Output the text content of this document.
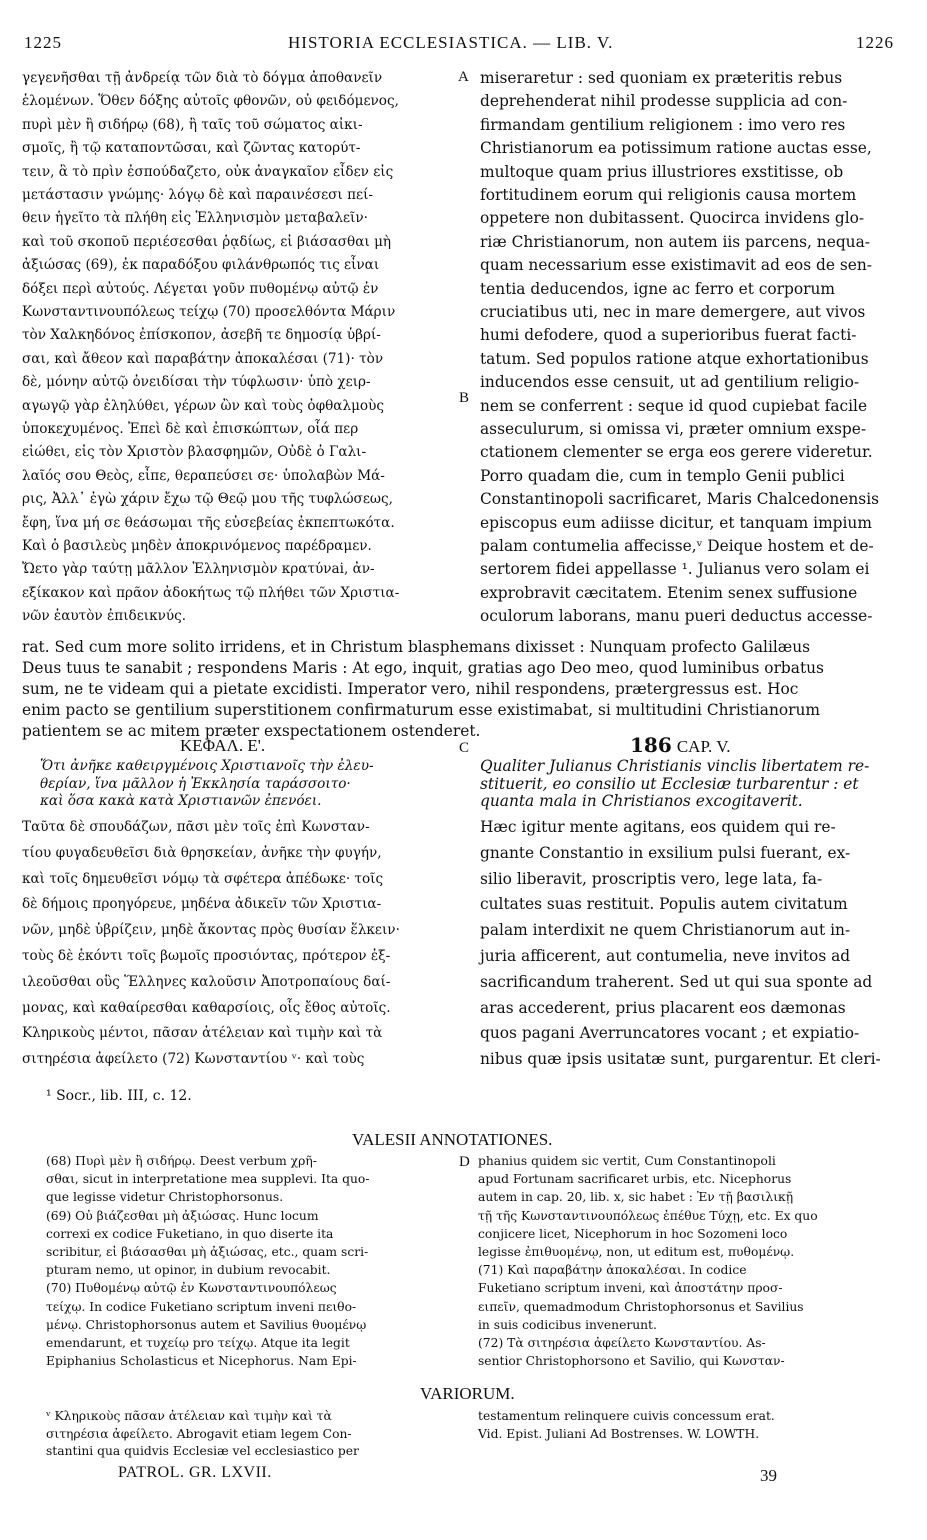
1225	HISTORIA ECCLESIASTICA. — LIB. V.	1226
γεγενῆσθαι τῇ ἀνδρείᾳ τῶν διὰ τὸ δόγμα ἀποθανεῖν
ἑλομένων. Ὅθεν δόξης αὐτοῖς φθονῶν, οὐ φειδόμενος,
πυρὶ μὲν ἢ σιδήρῳ (68), ἢ ταῖς τοῦ σώματος αἰκι-
σμοῖς, ἢ τῷ καταποντῶσαι, καὶ ζῶντας κατορύτ-
τειν, ἃ τὸ πρὶν ἐσπούδαζετο, οὐκ ἀναγκαῖον εἶδεν εἰς
μετάστασιν γνώμης· λόγῳ δὲ καὶ παραινέσεσι πεί-
θειν ἡγεῖτο τὰ πλήθη εἰς Ἑλληνισμὸν μεταβαλεῖν·
καὶ τοῦ σκοποῦ περιέσεσθαι ῥᾳδίως, εἰ βιάσασθαι μὴ
ἀξιώσας (69), ἐκ παραδόξου φιλάνθρωπός τις εἶναι
δόξει περὶ αὐτούς. Λέγεται γοῦν πυθομένῳ αὐτῷ ἐν
Κωνσταντινουπόλεως τείχῳ (70) προσελθόντα Μάριν
τὸν Χαλκηδόνος ἐπίσκοπον, ἀσεβῆ τε δημοσίᾳ ὑβρί-
σαι, καὶ ἄθεον καὶ παραβάτην ἀποκαλέσαι (71)· τὸν
δὲ, μόνην αὐτῷ ὀνειδίσαι τὴν τύφλωσιν· ὑπὸ χειρ-
αγωγῷ γὰρ ἐληλύθει, γέρων ὢν καὶ τοὺς ὀφθαλμοὺς
ὑποκεχυμένος. Ἐπεὶ δὲ καὶ ἐπισκώπτων, οἷά περ
εἰώθει, εἰς τὸν Χριστὸν βλασφημῶν, Οὐδὲ ὁ Γαλι-
λαῖός σου Θεὸς, εἶπε, θεραπεύσει σε· ὑπολαβὼν Μά-
ρις, Ἀλλ᾽ ἐγὼ χάριν ἔχω τῷ Θεῷ μου τῆς τυφλώσεως,
ἔφη, ἵνα μή σε θεάσωμαι τῆς εὐσεβείας ἐκπεπτωκότα.
Καὶ ὁ βασιλεὺς μηδὲν ἀποκρινόμενος παρέδραμεν.
Ὤετο γὰρ ταύτῃ μᾶλλον Ἑλληνισμὸν κρατύνai, ἀν-
εξίκακον καὶ πρᾶον ἀδοκήτως τῷ πλήθει τῶν Χριστια-
νῶν ἑαυτὸν ἐπιδεικνύς.
miseraretur : sed quoniam ex præteritis rebus
deprehenderat nihil prodesse supplicia ad con-
firmandam gentilium religionem : imo vero res
Christianorum ea potissimum ratione auctas esse,
multoque quam prius illustriores exstitisse, ob
fortitudinem eorum qui religionis causa mortem
oppetere non dubitassent. Quocirca invidens glo-
riæ Christianorum, non autem iis parcens, nequa-
quam necessarium esse existimavit ad eos de sen-
tentia deducendos, igne ac ferro et corporum
cruciatibus uti, nec in mare demergere, aut vivos
humi defodere, quod a superioribus fuerat facti-
tatum. Sed populos ratione atque exhortationibus
inducendos esse censuit, ut ad gentilium religio-
nem se conferrent : seque id quod cupiebat facile
asseculurum, si omissa vi, præter omnium exspe-
ctationem clementer se erga eos gerere videretur.
Porro quadam die, cum in templo Genii publici
Constantinopoli sacrificaret, Maris Chalcedonensis
episcopus eum adiisse dicitur, et tanquam impium
palam contumelia affecisse,ᵛ Deique hostem et de-
sertorem fidei appellasse ¹. Julianus vero solam ei
exprobravit cæcitatem. Etenim senex suffusione
oculorum laborans, manu pueri deductus accesse-
A
B
rat. Sed cum more solito irridens, et in Christum blasphemans dixisset : Nunquam profecto Galilæus
Deus tuus te sanabit ; respondens Maris : At ego, inquit, gratias ago Deo meo, quod luminibus orbatus
sum, ne te videam qui a pietate excidisti. Imperator vero, nihil respondens, prætergressus est. Hoc
enim pacto se gentilium superstitionem confirmaturum esse existimabat, si multitudini Christianorum
patientem se ac mitem præter exspectationem ostenderet.
ΚΕΦΑΛ. Ε'.	C	186 CAP. V.
Ὅτι ἀνῆκε καθειργμένοις Χριστιανοῖς τὴν ἐλευ-
θερίαν, ἵνα μᾶλλον ἡ Ἐκκλησία ταράσσοιτο·
καὶ ὅσα κακὰ κατὰ Χριστιανῶν ἐπενόει.
Qualiter Julianus Christianis vinclis libertatem re-
stituerit, eo consilio ut Ecclesiæ turbarentur : et
quanta mala in Christianos excogitaverit.
Ταῦτα δὲ σπουδάζων, πᾶσι μὲν τοῖς ἐπὶ Κωνσταν-
τίου φυγαδευθεῖσι διὰ θρησκείαν, ἀνῆκε τὴν φυγήν,
καὶ τοῖς δημευθεῖσι νόμῳ τὰ σφέτερα ἀπέδωκε· τοῖς
δὲ δήμοις προηγόρευε, μηδένα ἀδικεῖν τῶν Χριστια-
νῶν, μηδὲ ὑβρίζειν, μηδὲ ἄκοντας πρὸς θυσίαν ἕλκειν·
τοὺς δὲ ἑκόντι τοῖς βωμοῖς προσιόντας, πρότερον ἐξ-
ιλεοῦσθαι οὓς Ἕλληνες καλοῦσιν Ἀποτροπαίους δαί-
μονας, καὶ καθαίρεσθαι καθαρσίοις, οἷς ἔθος αὐτοῖς.
Κληρικοὺς μέντοι, πᾶσαν ἀτέλειαν καὶ τιμὴν καὶ τὰ
σιτηρέσια ἀφείλετο (72) Κωνσταντίου ᵛ· καὶ τοὺς
Hæc igitur mente agitans, eos quidem qui re-
gnante Constantio in exsilium pulsi fuerant, ex-
silio liberavit, proscriptis vero, lege lata, fa-
cultates suas restituit. Populis autem civitatum
palam interdixit ne quem Christianorum aut in-
juria afficerent, aut contumelia, neve invitos ad
sacrificandum traherent. Sed ut qui sua sponte ad
aras accederent, prius placarent eos dæmonas
quos pagani Averruncatores vocant ; et expiatio-
nibus quæ ipsis usitatæ sunt, purgarentur. Et cleri-
¹ Socr., lib. III, c. 12.
VALESII ANNOTATIONES.
(68) Πυρὶ μὲν ἢ σιδήρῳ. Deest verbum χρῆ-
σθαι, sicut in interpretatione mea supplevi. Ita quo-
que legisse videtur Christophorsonus.
(69) Οὐ βιάζεσθαι μὴ ἀξιώσας. Hunc locum
correxi ex codice Fuketiano, in quo diserte ita
scribitur, εἰ βιάσασθαι μὴ ἀξιώσας, etc., quam scri-
pturam nemo, ut opinor, in dubium revocabit.
(70) Πυθομένῳ αὐτῷ ἐν Κωνσταντινουπόλεως
τείχῳ. In codice Fuketiano scriptum inveni πειθο-
μένῳ. Christophorsonus autem et Savilius θυομένῳ
emendarunt, et τυχείῳ pro τείχῳ. Atque ita legit
Epiphanius Scholasticus et Nicephorus. Nam Epi-
D phanius quidem sic vertit, Cum Constantinopoli
apud Fortunam sacrificaret urbis, etc. Nicephorus
autem in cap. 20, lib. x, sic habet : Ἐν τῇ βασιλικῇ
τῇ τῆς Κωνσταντινουπόλεως ἐπέθυε Τύχῃ, etc. Ex quo
conjicere licet, Nicephorum in hoc Sozomeni loco
legisse ἐπιθυομένῳ, non, ut editum est, πυθομένῳ.
(71) Καὶ παραβάτην ἀποκαλέσαι. In codice
Fuketiano scriptum inveni, καὶ ἀποστάτην προσ-
ειπεῖν, quemadmodum Christophorsonus et Savilius
in suis codicibus invenerunt.
(72) Τὰ σιτηρέσια ἀφείλετο Κωνσταντίου. As-
sentior Christophorsono et Savilio, qui Κωνσταν-
VARIORUM.
ᵛ Κληρικοὺς πᾶσαν ἀτέλειαν καὶ τιμὴν καὶ τὰ
σιτηρέσια ἀφείλετο. Abrogavit etiam legem Con-
stantini qua quidvis Ecclesiæ vel ecclesiastico per
testamentum relinquere cuivis concessum erat.
Vid. Epist. Juliani Ad Bostrenses. W. LOWTH.
PATROL. GR. LXVII.	39
